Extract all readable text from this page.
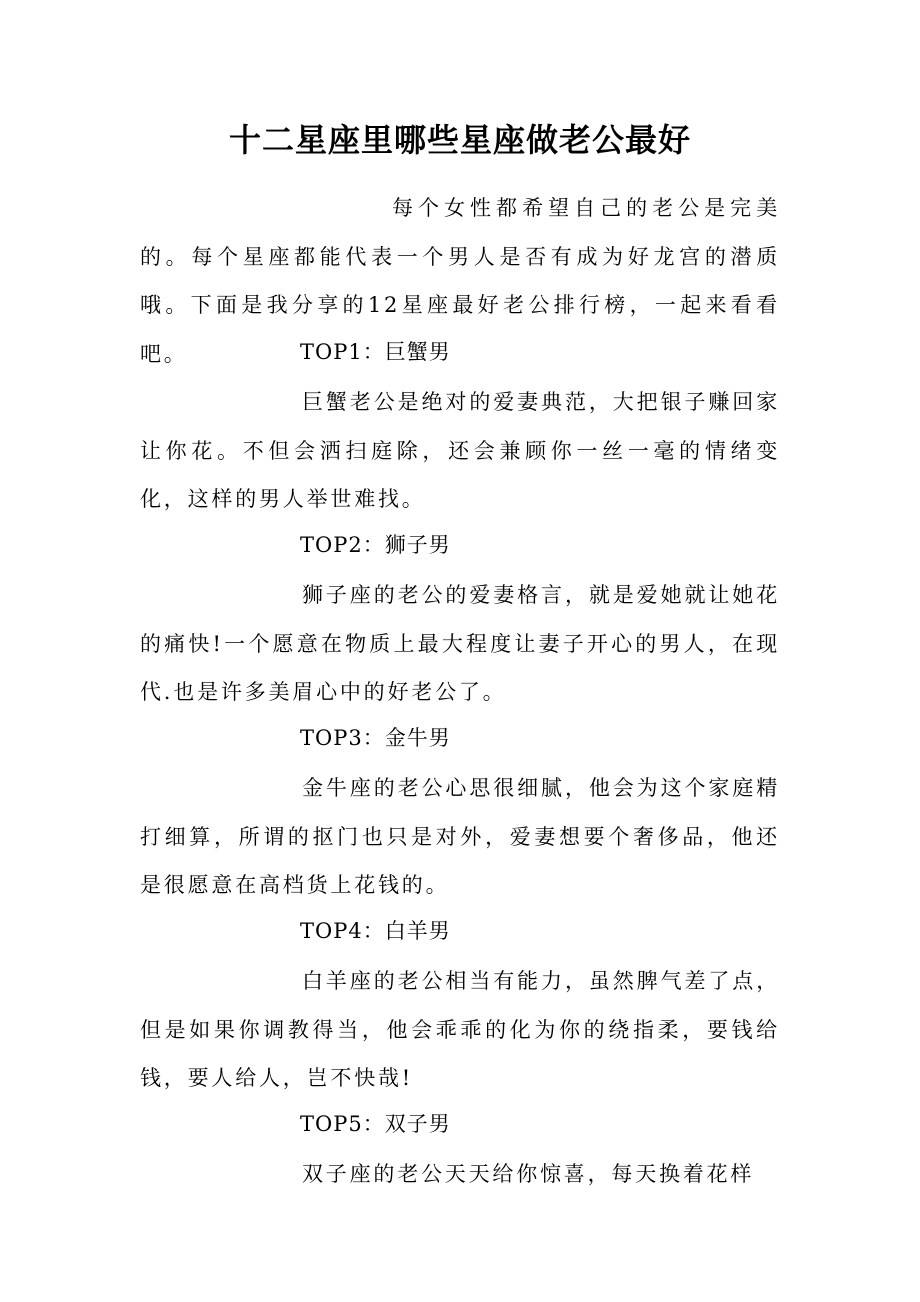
十二星座里哪些星座做老公最好

每个女性都希望自己的老公是完美的。每个星座都能代表一个男人是否有成为好龙宫的潜质哦。下面是我分享的12星座最好老公排行榜，一起来看看吧。	TOP1：巨蟹男

巨蟹老公是绝对的爱妻典范，大把银子赚回家让你花。不但会洒扫庭除，还会兼顾你一丝一毫的情绪变化，这样的男人举世难找。

TOP2：狮子男

狮子座的老公的爱妻格言，就是爱她就让她花的痛快!一个愿意在物质上最大程度让妻子开心的男人，在现代.也是许多美眉心中的好老公了。

TOP3：金牛男

金牛座的老公心思很细腻，他会为这个家庭精打细算，所谓的抠门也只是对外，爱妻想要个奢侈品，他还是很愿意在高档货上花钱的。

TOP4：白羊男

白羊座的老公相当有能力，虽然脾气差了点，但是如果你调教得当，他会乖乖的化为你的绕指柔，要钱给钱，要人给人，岂不快哉!

TOP5：双子男

双子座的老公天天给你惊喜，每天换着花样
